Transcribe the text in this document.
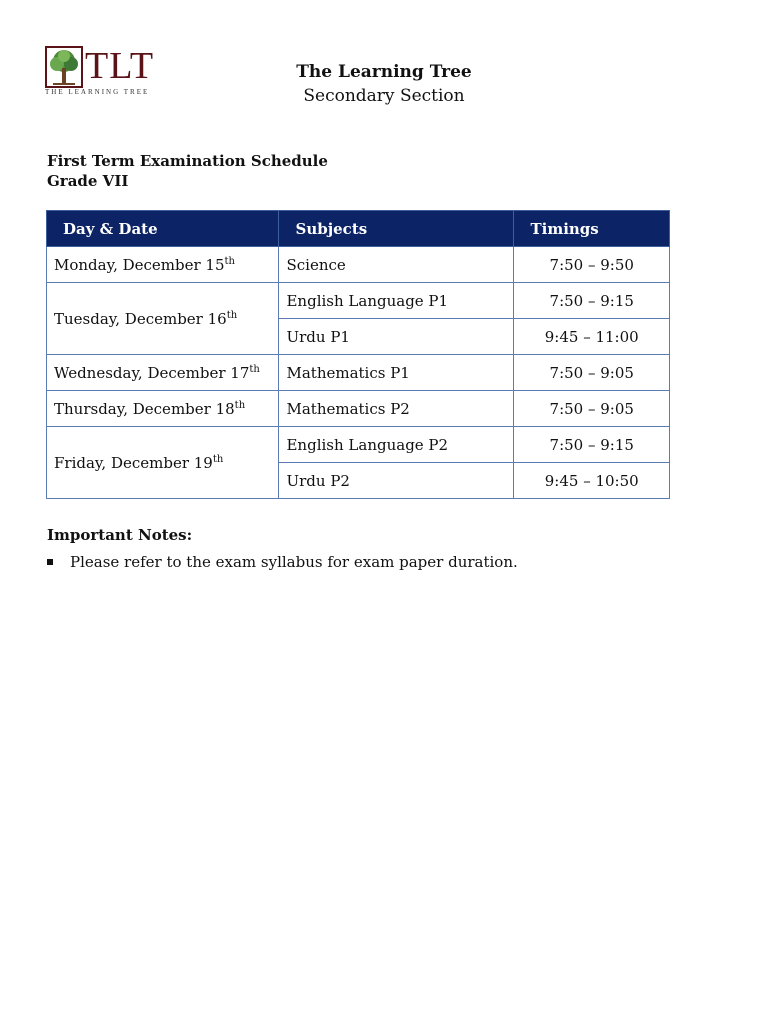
TLT
THE LEARNING TREE
The Learning Tree
Secondary Section
First Term Examination Schedule
Grade VII
Day & Date	Subjects	Timings
Monday, December 15th	Science	7:50 – 9:50
Tuesday, December 16th	English Language P1	7:50 – 9:15
	Urdu P1	9:45 – 11:00
Wednesday, December 17th	Mathematics P1	7:50 – 9:05
Thursday, December 18th	Mathematics P2	7:50 – 9:05
Friday, December 19th	English Language P2	7:50 – 9:15
	Urdu P2	9:45 – 10:50
Important Notes:
Please refer to the exam syllabus for exam paper duration.
